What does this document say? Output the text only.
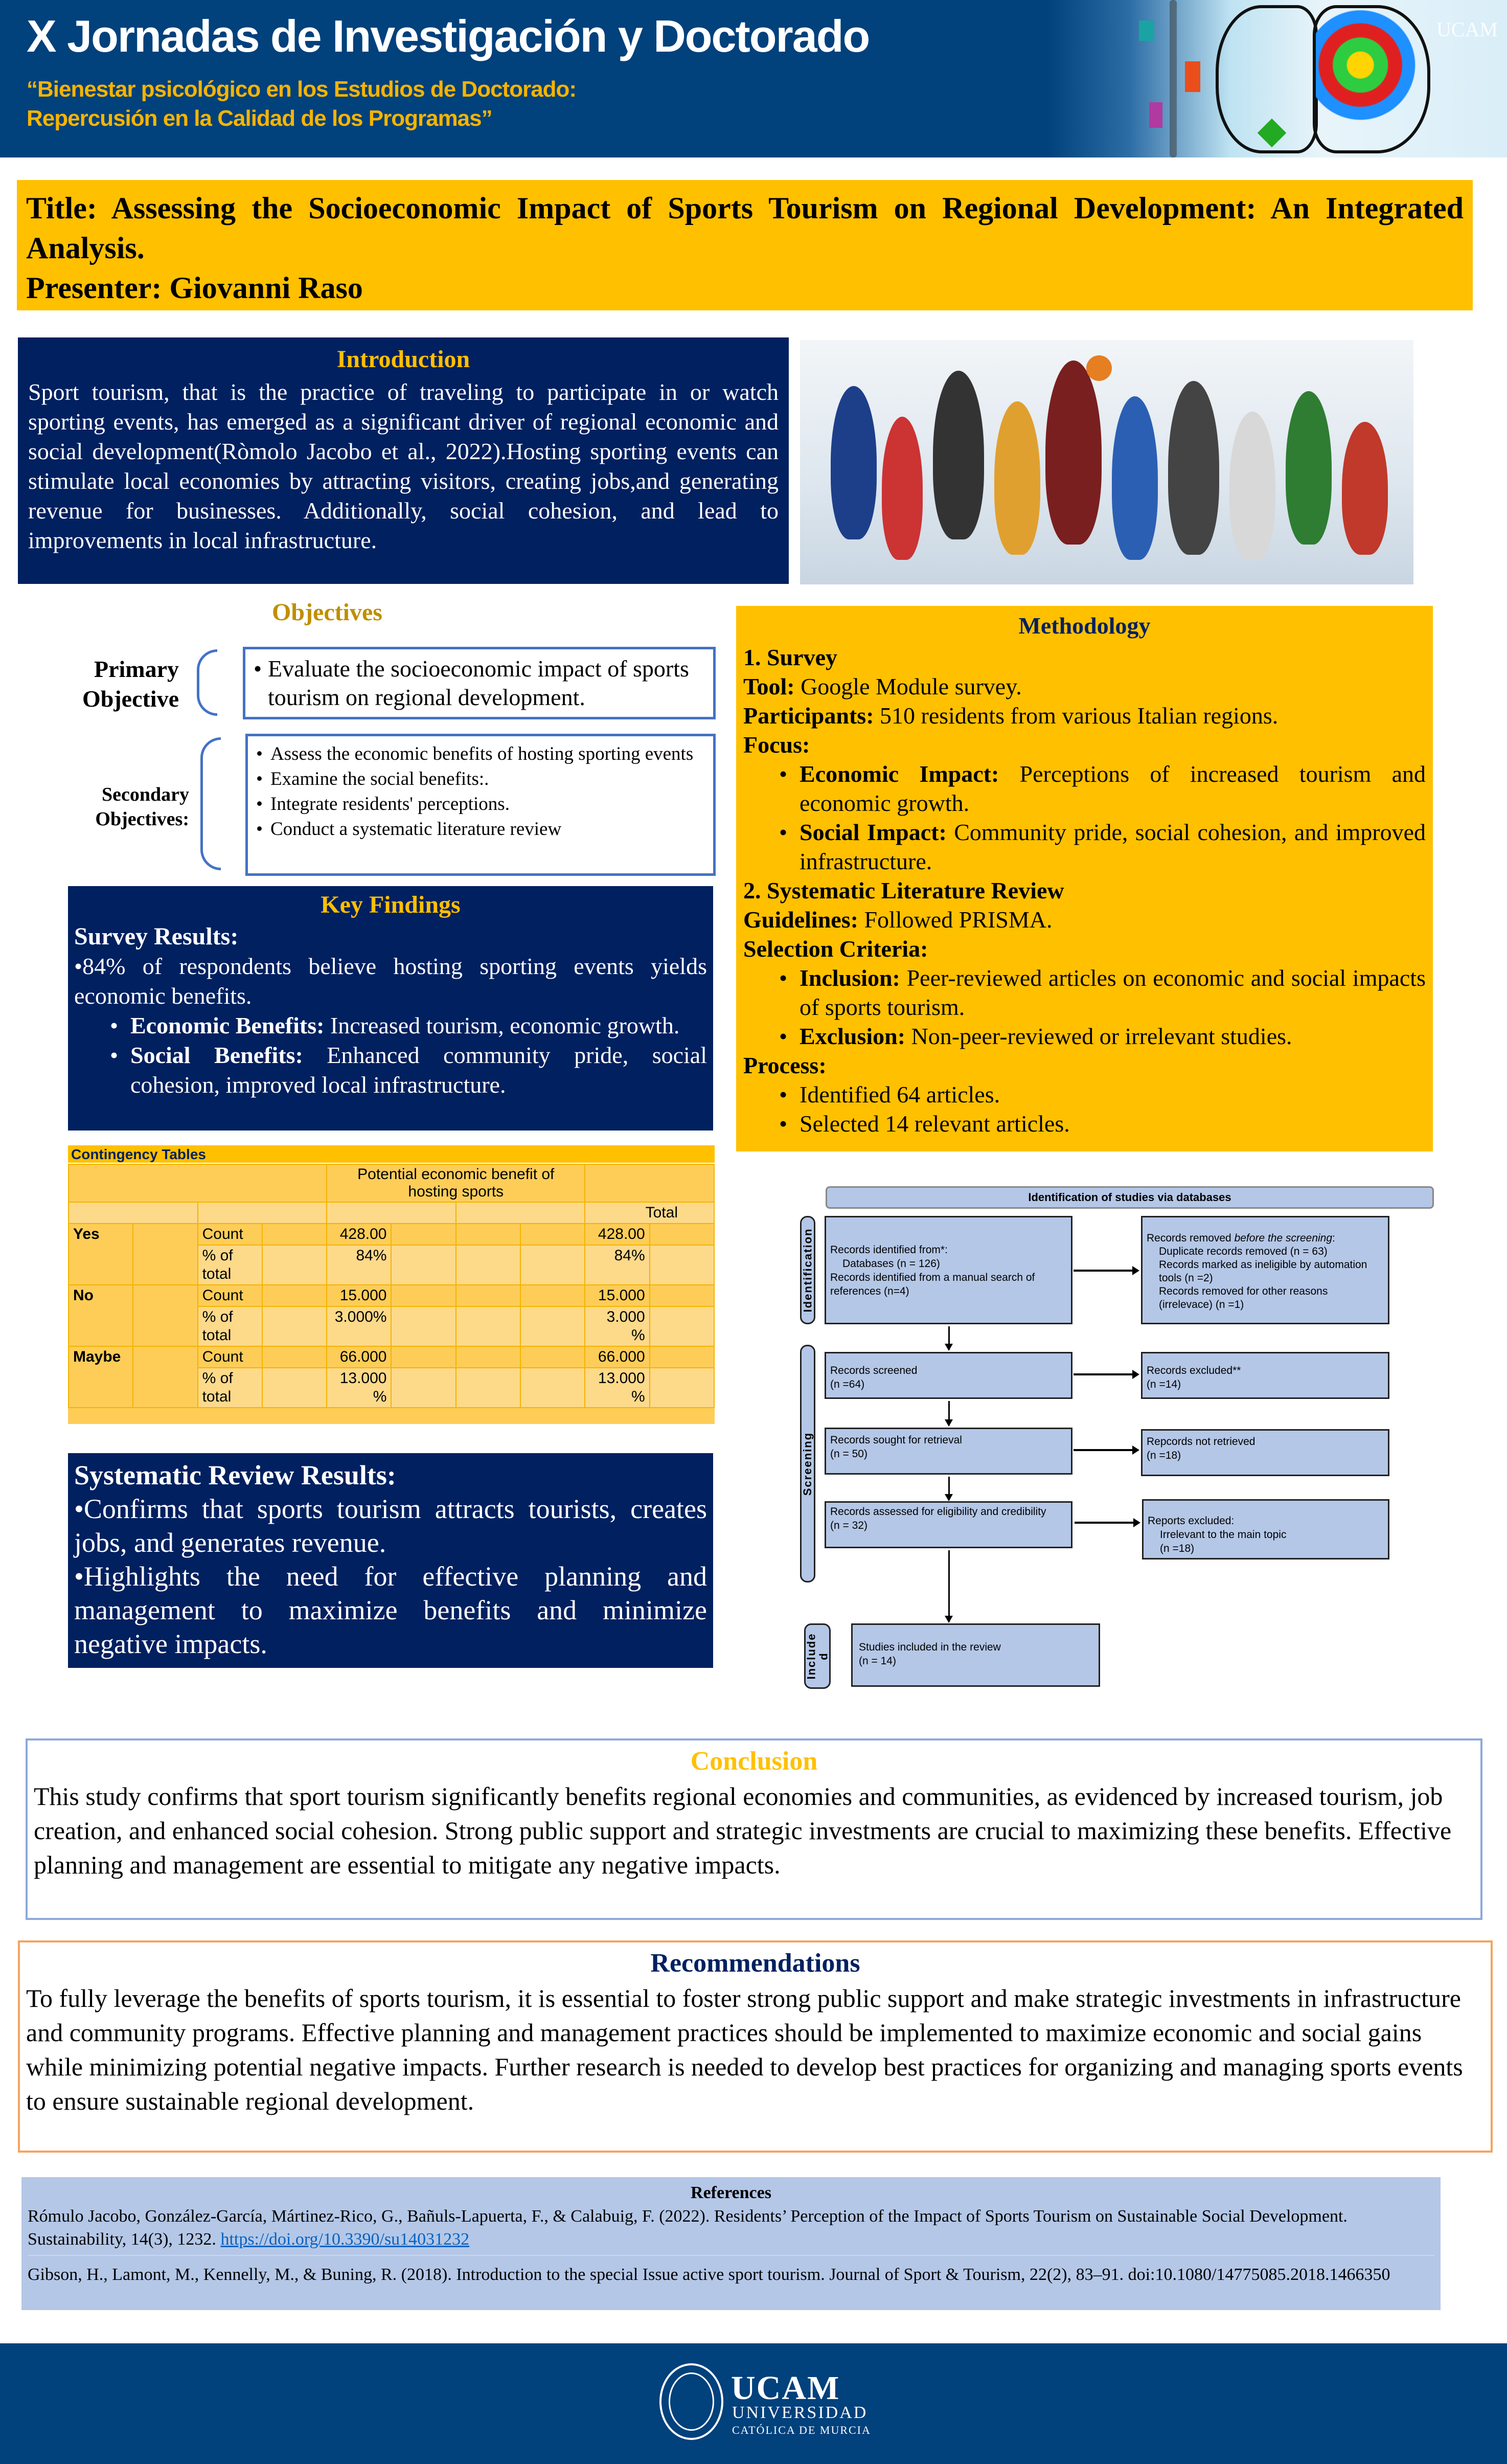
UCAM
X Jornadas de Investigación y Doctorado
“Bienestar psicológico en los Estudios de Doctorado:
Repercusión en la Calidad de los Programas”

Title: Assessing the Socioeconomic Impact of Sports Tourism on Regional Development: An Integrated Analysis.

Presenter: Giovanni Raso

Introduction

Sport tourism, that is the practice of traveling to participate in or watch sporting events, has emerged as a significant driver of regional economic and social development(Ròmolo Jacobo et al., 2022).Hosting sporting events can stimulate local economies by attracting visitors, creating jobs,and generating revenue for businesses. Additionally, social cohesion, and lead to improvements in local infrastructure.

Objectives
Primary Objective
• Evaluate the socioeconomic impact of sports tourism on regional development.
Secondary Objectives:
• Assess the economic benefits of hosting sporting events
• Examine the social benefits:.
• Integrate residents' perceptions.
• Conduct a systematic literature review
Key Findings
Survey Results:

•84% of respondents believe hosting sporting events yields economic benefits.

• Economic Benefits: Increased tourism, economic growth.
• Social Benefits: Enhanced community pride, social cohesion, improved local infrastructure.
Contingency Tables
				Potential economic benefit of hosting sports					
								Total	
Yes		Count		428.00				428.00	
		% of total		84%				84%	
No		Count		15.000				15.000	
		% of total		3.000%				3.000 %	
Maybe		Count		66.000				66.000	
		% of total		13.000 %				13.000 %	
Systematic Review Results:

•Confirms that sports tourism attracts tourists, creates jobs, and generates revenue.

•Highlights the need for effective planning and management to maximize benefits and minimize negative impacts.

Methodology
1. Survey
Tool: Google Module survey.
Participants: 510 residents from various Italian regions.
Focus:
• Economic Impact: Perceptions of increased tourism and economic growth.
• Social Impact: Community pride, social cohesion, and improved infrastructure.
2. Systematic Literature Review
Guidelines: Followed PRISMA.
Selection Criteria:
• Inclusion: Peer-reviewed articles on economic and social impacts of sports tourism.
• Exclusion: Non-peer-reviewed or irrelevant studies.
Process:
• Identified 64 articles.
• Selected 14 relevant articles.
Identification of studies via databases
Identification
Screening
Include
d
Records identified from*:

Databases (n = 126)
Records identified from a manual search of references (n=4)
Records removed before the screening:

Duplicate records removed (n = 63)
Records marked as ineligible by automation tools (n =2)
Records removed for other reasons (irrelevace) (n =1)
Records screened
(n =64)
Records excluded**
(n =14)
Records sought for retrieval
(n = 50)
Repcords not retrieved
(n =18)
Records assessed for eligibility and credibility
(n = 32)	Reports excluded:

Irrelevant to the main topic
(n =18)
Studies included in the review
(n = 14)
Conclusion

This study confirms that sport tourism significantly benefits regional economies and communities, as evidenced by increased tourism, job creation, and enhanced social cohesion. Strong public support and strategic investments are crucial to maximizing these benefits. Effective planning and management are essential to mitigate any negative impacts.

Recommendations

To fully leverage the benefits of sports tourism, it is essential to foster strong public support and make strategic investments in infrastructure and community programs. Effective planning and management practices should be implemented to maximize economic and social gains while minimizing potential negative impacts. Further research is needed to develop best practices for organizing and managing sports events to ensure sustainable regional development.

References
Rómulo Jacobo, González-García, Mártinez-Rico, G., Bañuls-Lapuerta, F., & Calabuig, F. (2022). Residents’ Perception of the Impact of Sports Tourism on Sustainable Social Development. Sustainability, 14(3), 1232. https://doi.org/10.3390/su14031232
Gibson, H., Lamont, M., Kennelly, M., & Buning, R. (2018). Introduction to the special Issue active sport tourism. Journal of Sport & Tourism, 22(2), 83–91. doi:10.1080/14775085.2018.1466350
UCAM
UNIVERSIDAD
CATÓLICA DE MURCIA
